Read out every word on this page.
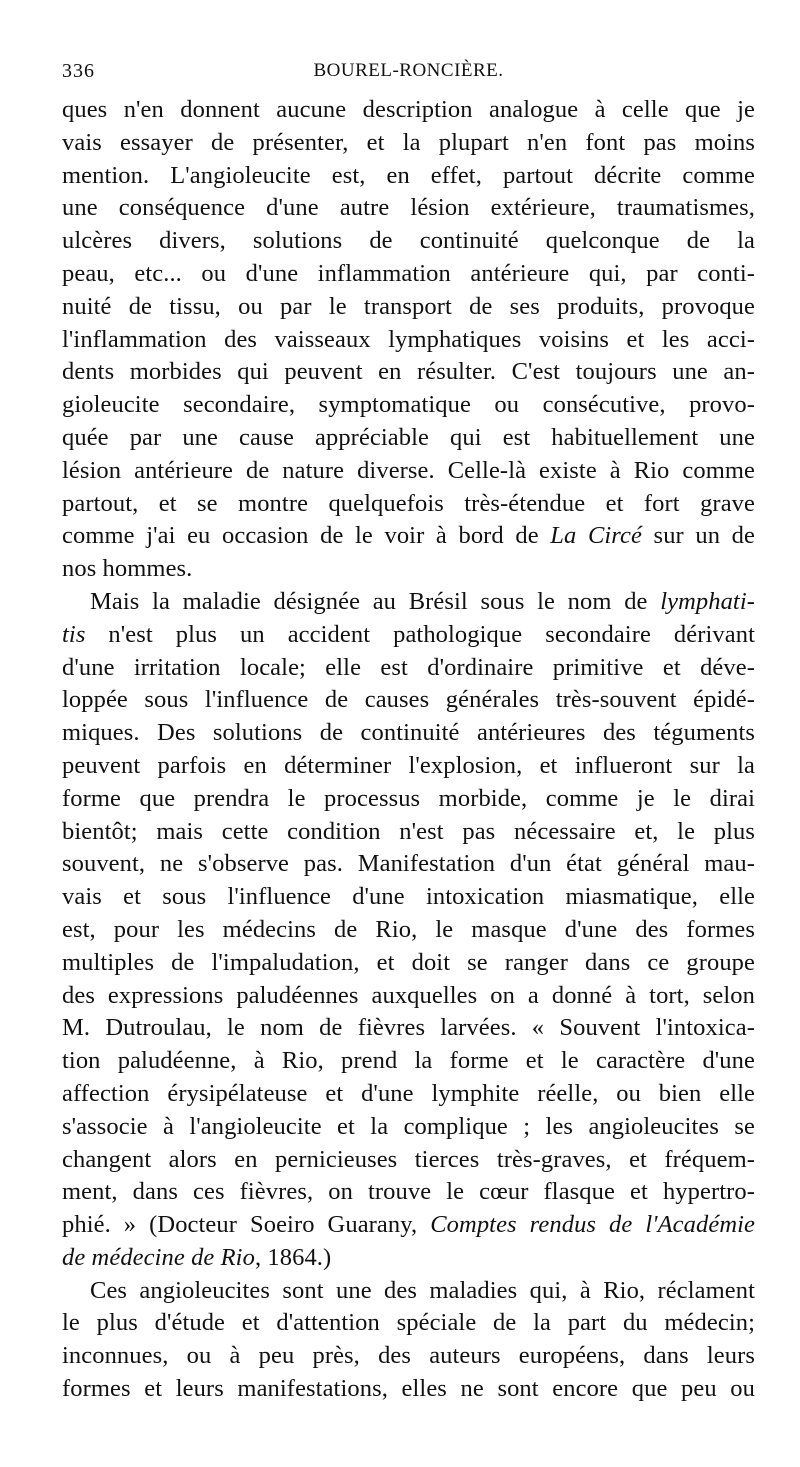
336	BOUREL-RONCIÈRE.
ques n'en donnent aucune description analogue à celle que je
vais essayer de présenter, et la plupart n'en font pas moins
mention. L'angioleucite est, en effet, partout décrite comme
une conséquence d'une autre lésion extérieure, traumatismes,
ulcères divers, solutions de continuité quelconque de la
peau, etc... ou d'une inflammation antérieure qui, par conti-
nuité de tissu, ou par le transport de ses produits, provoque
l'inflammation des vaisseaux lymphatiques voisins et les acci-
dents morbides qui peuvent en résulter. C'est toujours une an-
gioleucite secondaire, symptomatique ou consécutive, provo-
quée par une cause appréciable qui est habituellement une
lésion antérieure de nature diverse. Celle-là existe à Rio comme
partout, et se montre quelquefois très-étendue et fort grave
comme j'ai eu occasion de le voir à bord de La Circé sur un de
nos hommes.
Mais la maladie désignée au Brésil sous le nom de lymphati-
tis n'est plus un accident pathologique secondaire dérivant
d'une irritation locale; elle est d'ordinaire primitive et déve-
loppée sous l'influence de causes générales très-souvent épidé-
miques. Des solutions de continuité antérieures des téguments
peuvent parfois en déterminer l'explosion, et influeront sur la
forme que prendra le processus morbide, comme je le dirai
bientôt; mais cette condition n'est pas nécessaire et, le plus
souvent, ne s'observe pas. Manifestation d'un état général mau-
vais et sous l'influence d'une intoxication miasmatique, elle
est, pour les médecins de Rio, le masque d'une des formes
multiples de l'impaludation, et doit se ranger dans ce groupe
des expressions paludéennes auxquelles on a donné à tort, selon
M. Dutroulau, le nom de fièvres larvées. « Souvent l'intoxica-
tion paludéenne, à Rio, prend la forme et le caractère d'une
affection érysipélateuse et d'une lymphite réelle, ou bien elle
s'associe à l'angioleucite et la complique ; les angioleucites se
changent alors en pernicieuses tierces très-graves, et fréquem-
ment, dans ces fièvres, on trouve le cœur flasque et hypertro-
phié. » (Docteur Soeiro Guarany, Comptes rendus de l'Académie
de médecine de Rio, 1864.)
Ces angioleucites sont une des maladies qui, à Rio, réclament
le plus d'étude et d'attention spéciale de la part du médecin;
inconnues, ou à peu près, des auteurs européens, dans leurs
formes et leurs manifestations, elles ne sont encore que peu ou
